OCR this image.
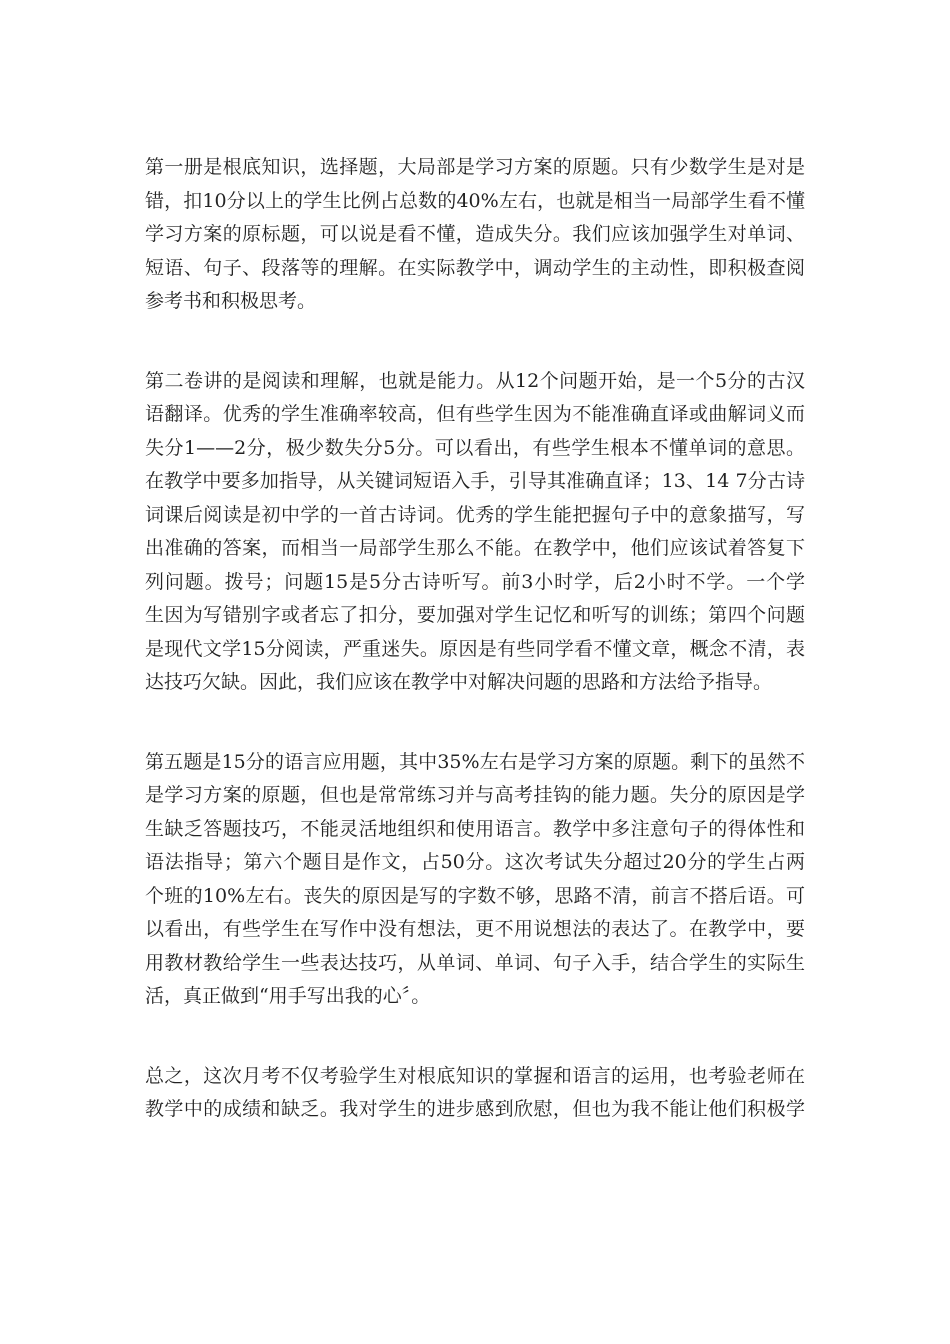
第一册是根底知识，选择题，大局部是学习方案的原题。只有少数学生是对是
错，扣10分以上的学生比例占总数的40%左右，也就是相当一局部学生看不懂
学习方案的原标题，可以说是看不懂，造成失分。我们应该加强学生对单词、
短语、句子、段落等的理解。在实际教学中，调动学生的主动性，即积极查阅
参考书和积极思考。
第二卷讲的是阅读和理解，也就是能力。从12个问题开始，是一个5分的古汉
语翻译。优秀的学生准确率较高，但有些学生因为不能准确直译或曲解词义而
失分1——2分，极少数失分5分。可以看出，有些学生根本不懂单词的意思。
在教学中要多加指导，从关键词短语入手，引导其准确直译；13、14 7分古诗
词课后阅读是初中学的一首古诗词。优秀的学生能把握句子中的意象描写，写
出准确的答案，而相当一局部学生那么不能。在教学中，他们应该试着答复下
列问题。拨号；问题15是5分古诗听写。前3小时学，后2小时不学。一个学
生因为写错别字或者忘了扣分，要加强对学生记忆和听写的训练；第四个问题
是现代文学15分阅读，严重迷失。原因是有些同学看不懂文章，概念不清，表
达技巧欠缺。因此，我们应该在教学中对解决问题的思路和方法给予指导。
第五题是15分的语言应用题，其中35%左右是学习方案的原题。剩下的虽然不
是学习方案的原题，但也是常常练习并与高考挂钩的能力题。失分的原因是学
生缺乏答题技巧，不能灵活地组织和使用语言。教学中多注意句子的得体性和
语法指导；第六个题目是作文，占50分。这次考试失分超过20分的学生占两
个班的10%左右。丧失的原因是写的字数不够，思路不清，前言不搭后语。可
以看出，有些学生在写作中没有想法，更不用说想法的表达了。在教学中，要
用教材教给学生一些表达技巧，从单词、单词、句子入手，结合学生的实际生
活，真正做到“用手写出我的心〞。
总之，这次月考不仅考验学生对根底知识的掌握和语言的运用，也考验老师在
教学中的成绩和缺乏。我对学生的进步感到欣慰，但也为我不能让他们积极学
